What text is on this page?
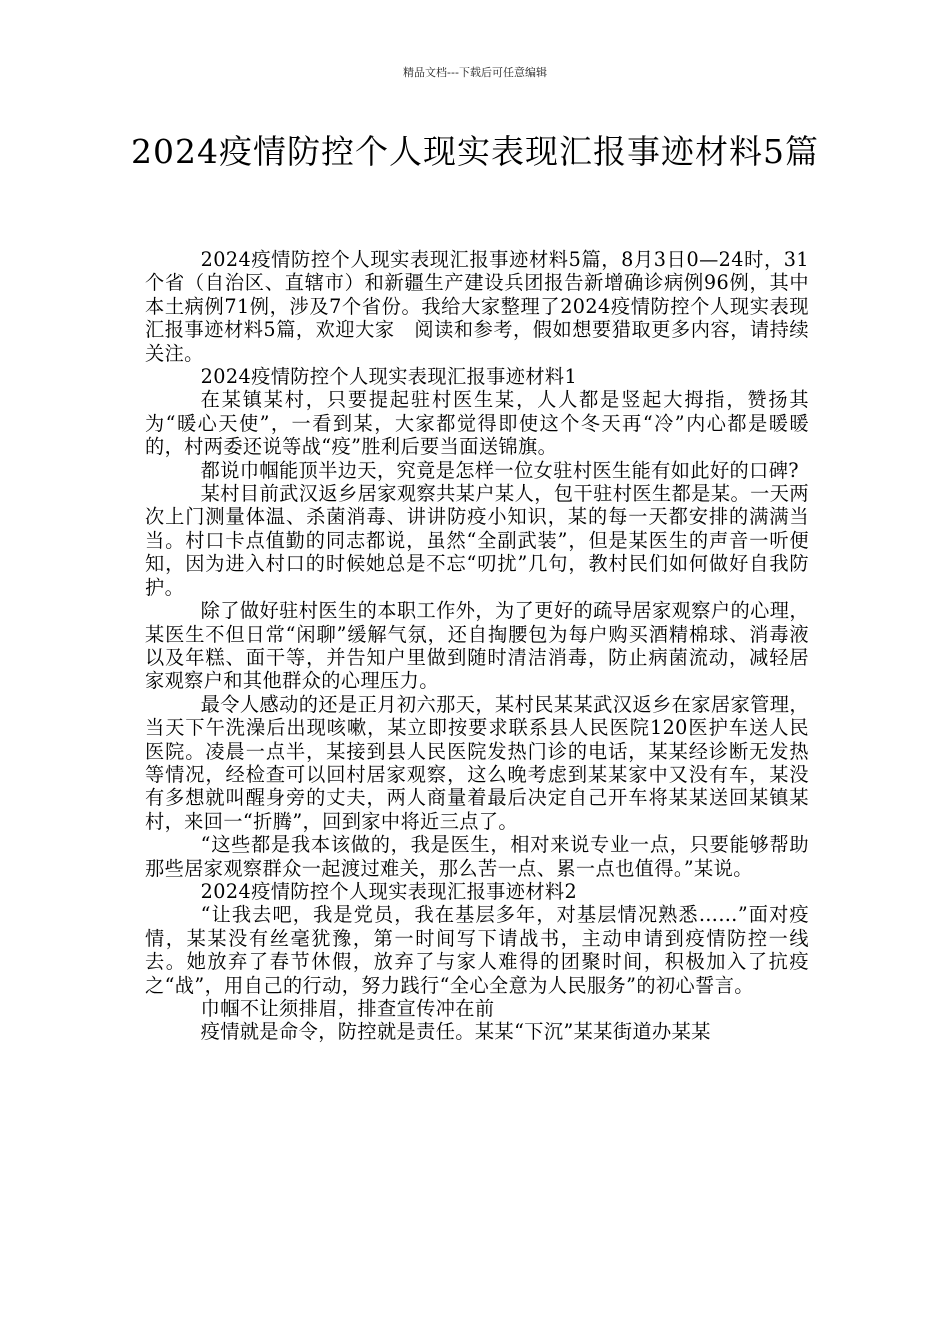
精品文档---下载后可任意编辑
2024疫情防控个人现实表现汇报事迹材料5篇

2024疫情防控个人现实表现汇报事迹材料5篇，8月3日0—24时，31个省（自治区、直辖市）和新疆生产建设兵团报告新增确诊病例96例，其中本土病例71例，涉及7个省份。我给大家整理了2024疫情防控个人现实表现汇报事迹材料5篇，欢迎大家　阅读和参考，假如想要猎取更多内容，请持续关注。

2024疫情防控个人现实表现汇报事迹材料1

在某镇某村，只要提起驻村医生某，人人都是竖起大拇指，赞扬其为“暖心天使”，一看到某，大家都觉得即使这个冬天再“冷”内心都是暖暖的，村两委还说等战“疫”胜利后要当面送锦旗。

都说巾帼能顶半边天，究竟是怎样一位女驻村医生能有如此好的口碑?

某村目前武汉返乡居家观察共某户某人，包干驻村医生都是某。一天两次上门测量体温、杀菌消毒、讲讲防疫小知识，某的每一天都安排的满满当当。村口卡点值勤的同志都说，虽然“全副武装”，但是某医生的声音一听便知，因为进入村口的时候她总是不忘“叨扰”几句，教村民们如何做好自我防护。

除了做好驻村医生的本职工作外，为了更好的疏导居家观察户的心理，某医生不但日常“闲聊”缓解气氛，还自掏腰包为每户购买酒精棉球、消毒液以及年糕、面干等，并告知户里做到随时清洁消毒，防止病菌流动，减轻居家观察户和其他群众的心理压力。

最令人感动的还是正月初六那天，某村民某某武汉返乡在家居家管理，当天下午洗澡后出现咳嗽，某立即按要求联系县人民医院120医护车送人民医院。凌晨一点半，某接到县人民医院发热门诊的电话，某某经诊断无发热等情况，经检查可以回村居家观察，这么晚考虑到某某家中又没有车，某没有多想就叫醒身旁的丈夫，两人商量着最后决定自己开车将某某送回某镇某村，来回一“折腾”，回到家中将近三点了。

“这些都是我本该做的，我是医生，相对来说专业一点，只要能够帮助那些居家观察群众一起渡过难关，那么苦一点、累一点也值得。”某说。

2024疫情防控个人现实表现汇报事迹材料2

“让我去吧，我是党员，我在基层多年，对基层情况熟悉……”面对疫情，某某没有丝毫犹豫，第一时间写下请战书，主动申请到疫情防控一线去。她放弃了春节休假，放弃了与家人难得的团聚时间，积极加入了抗疫之“战”，用自己的行动，努力践行“全心全意为人民服务”的初心誓言。

巾帼不让须排眉，排查宣传冲在前

疫情就是命令，防控就是责任。某某“下沉”某某街道办某某
